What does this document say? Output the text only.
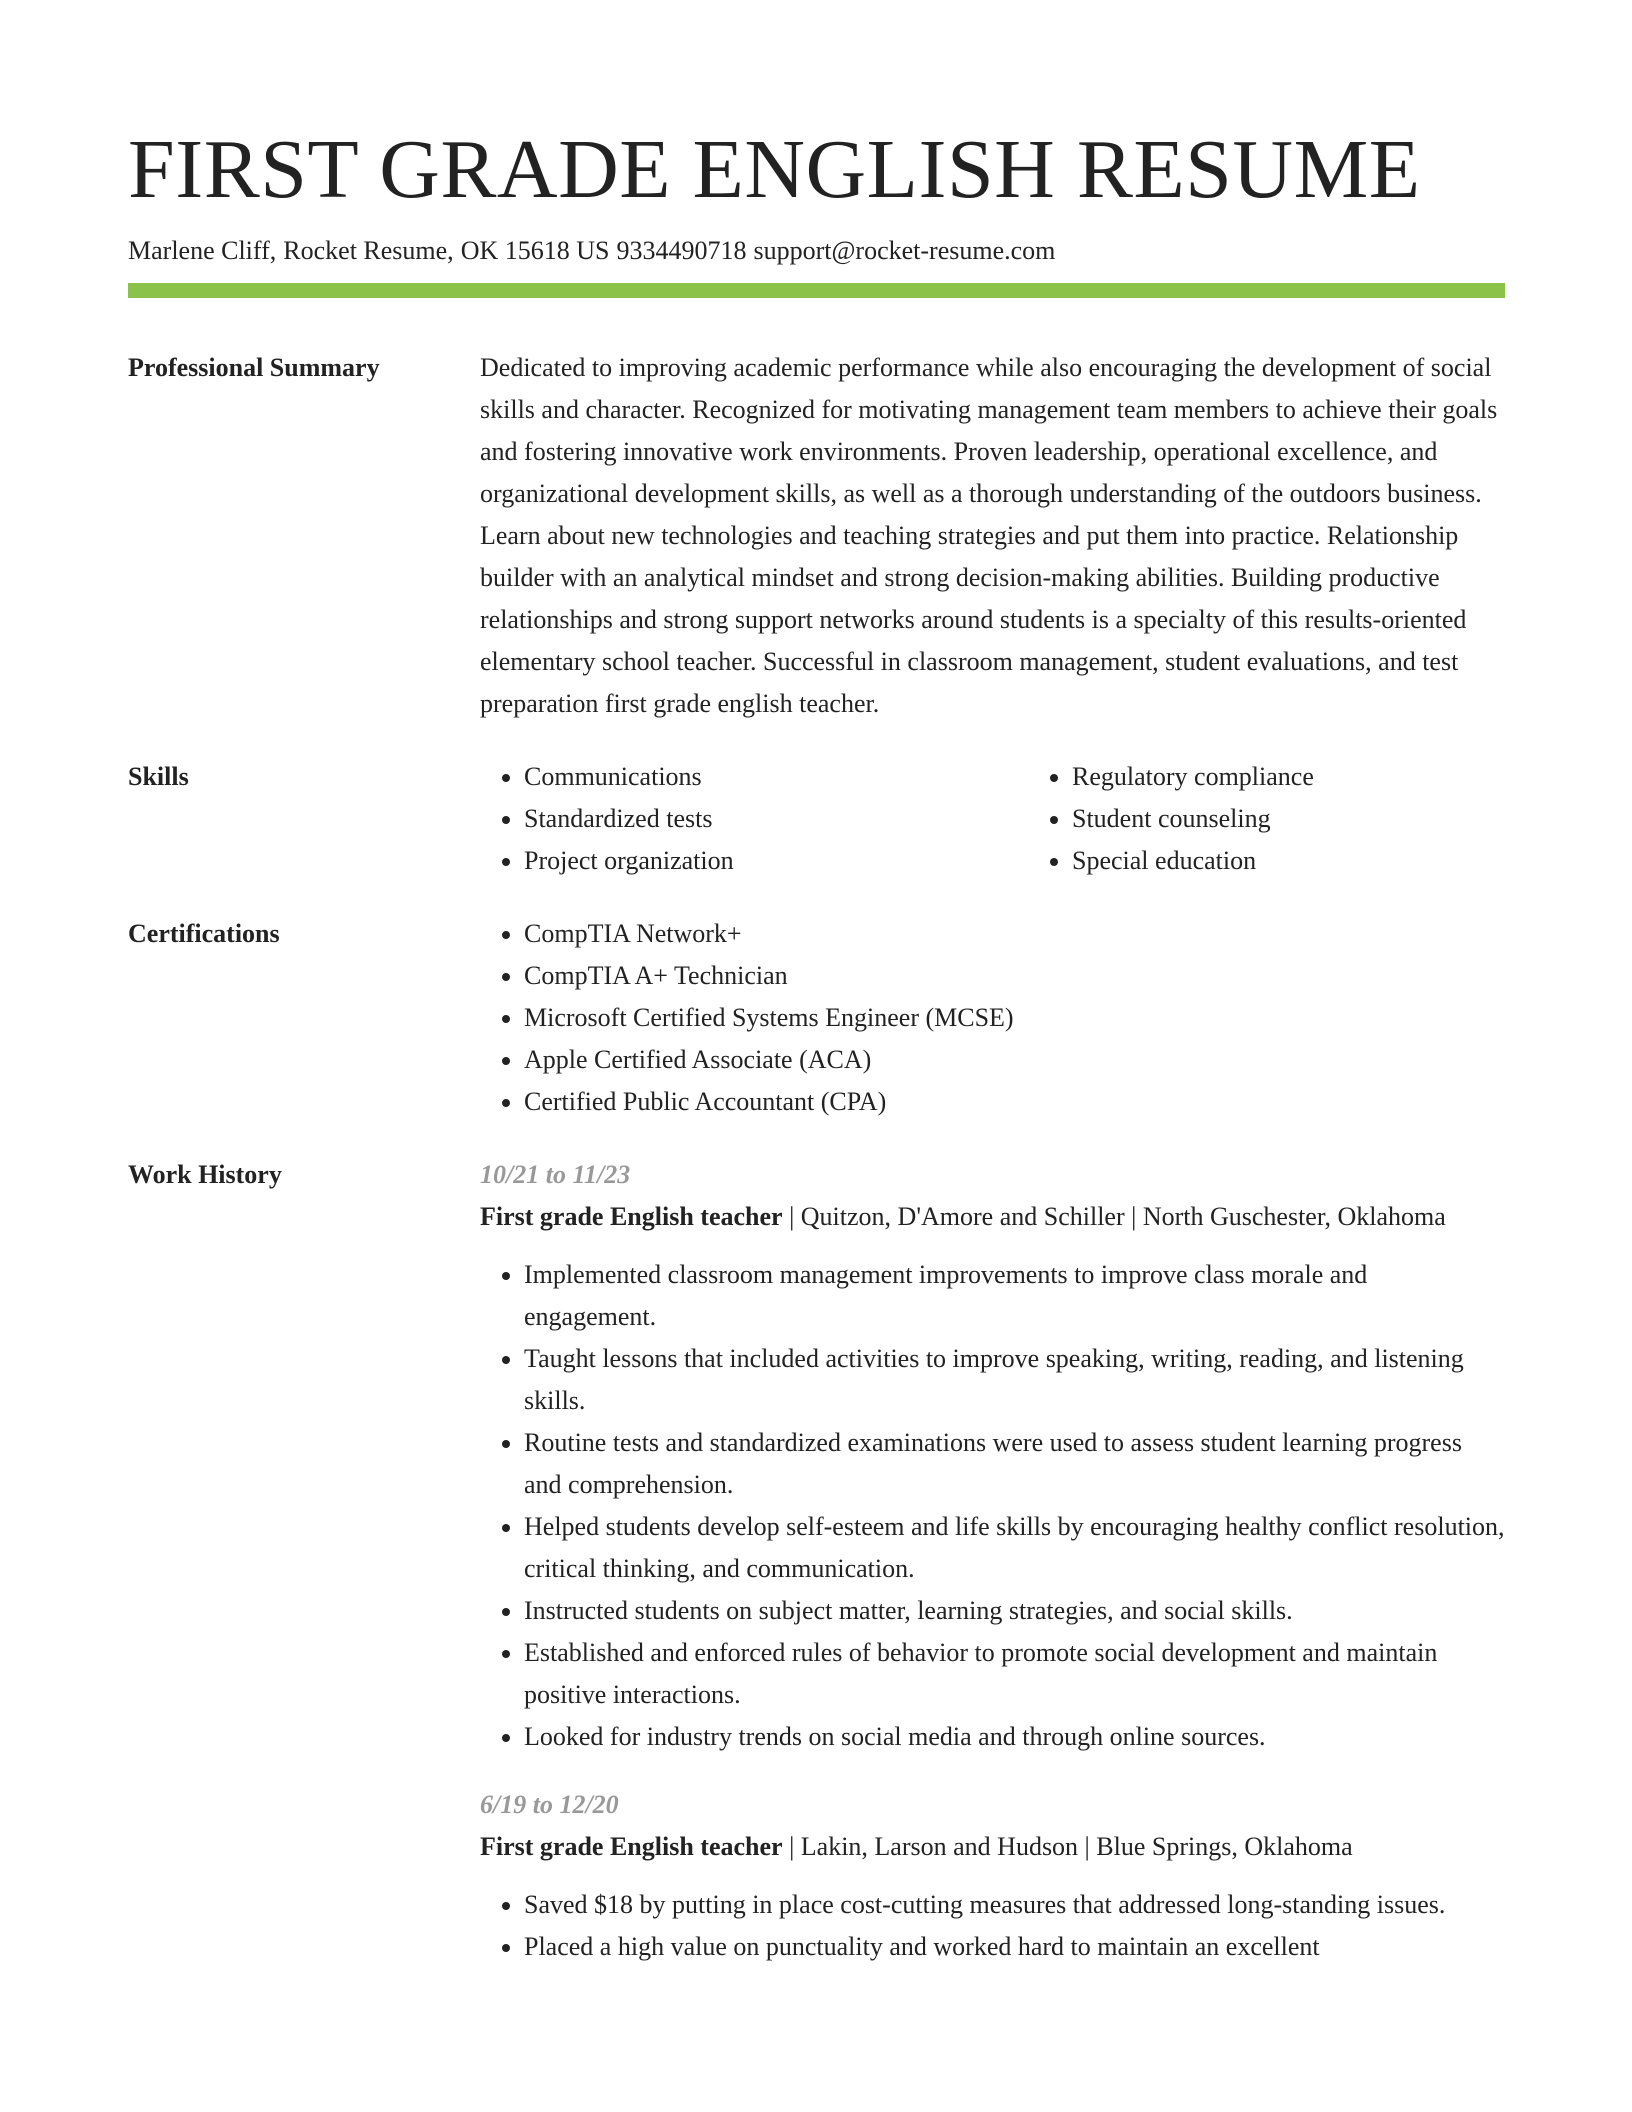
FIRST GRADE ENGLISH RESUME
Marlene Cliff, Rocket Resume, OK 15618 US 9334490718 support@rocket-resume.com
Professional Summary	Dedicated to improving academic performance while also encouraging the development of social skills and character. Recognized for motivating management team members to achieve their goals and fostering innovative work environments. Proven leadership, operational excellence, and organizational development skills, as well as a thorough understanding of the outdoors business. Learn about new technologies and teaching strategies and put them into practice. Relationship builder with an analytical mindset and strong decision-making abilities. Building productive relationships and strong support networks around students is a specialty of this results-oriented elementary school teacher. Successful in classroom management, student evaluations, and test preparation first grade english teacher.
Skills	• Communications
• Standardized tests
• Project organization
• Regulatory compliance
• Student counseling
• Special education
Certifications	• CompTIA Network+
• CompTIA A+ Technician
• Microsoft Certified Systems Engineer (MCSE)
• Apple Certified Associate (ACA)
• Certified Public Accountant (CPA)
Work History	10/21 to 11/23
First grade English teacher | Quitzon, D'Amore and Schiller | North Guschester, Oklahoma
• Implemented classroom management improvements to improve class morale and engagement.
• Taught lessons that included activities to improve speaking, writing, reading, and listening skills.
• Routine tests and standardized examinations were used to assess student learning progress and comprehension.
• Helped students develop self-esteem and life skills by encouraging healthy conflict resolution, critical thinking, and communication.
• Instructed students on subject matter, learning strategies, and social skills.
• Established and enforced rules of behavior to promote social development and maintain positive interactions.
• Looked for industry trends on social media and through online sources.
6/19 to 12/20
First grade English teacher | Lakin, Larson and Hudson | Blue Springs, Oklahoma
• Saved $18 by putting in place cost-cutting measures that addressed long-standing issues.
• Placed a high value on punctuality and worked hard to maintain an excellent
